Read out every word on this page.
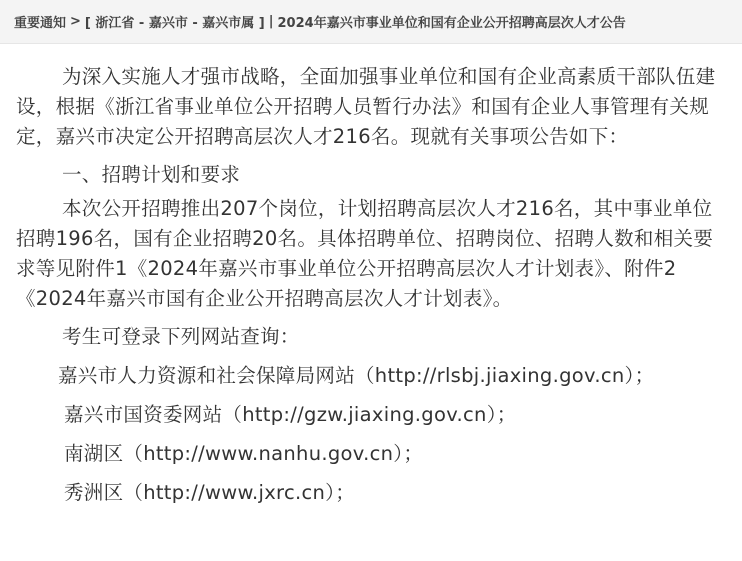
重要通知 > [ 浙江省 - 嘉兴市 - 嘉兴市属 ] | 2024年嘉兴市事业单位和国有企业公开招聘高层次人才公告

为深入实施人才强市战略，全面加强事业单位和国有企业高素质干部队伍建设，根据《浙江省事业单位公开招聘人员暂行办法》和国有企业人事管理有关规定，嘉兴市决定公开招聘高层次人才216名。现就有关事项公告如下：

一、招聘计划和要求

本次公开招聘推出207个岗位，计划招聘高层次人才216名，其中事业单位招聘196名，国有企业招聘20名。具体招聘单位、招聘岗位、招聘人数和相关要求等见附件1《2024年嘉兴市事业单位公开招聘高层次人才计划表》、附件2《2024年嘉兴市国有企业公开招聘高层次人才计划表》。

考生可登录下列网站查询：

嘉兴市人力资源和社会保障局网站（http://rlsbj.jiaxing.gov.cn）；

嘉兴市国资委网站（http://gzw.jiaxing.gov.cn）；

南湖区（http://www.nanhu.gov.cn）；

秀洲区（http://www.jxrc.cn）；
